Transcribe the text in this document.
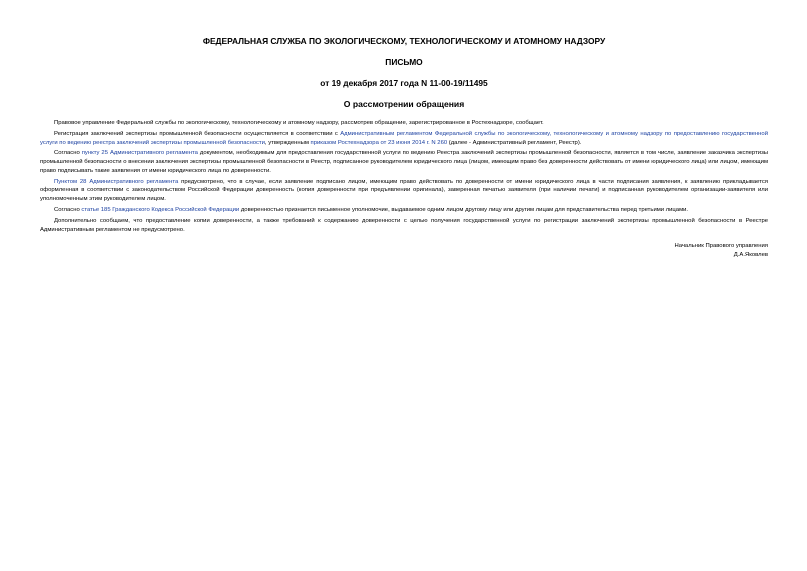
ФЕДЕРАЛЬНАЯ СЛУЖБА ПО ЭКОЛОГИЧЕСКОМУ, ТЕХНОЛОГИЧЕСКОМУ И АТОМНОМУ НАДЗОРУ

ПИСЬМО

от 19 декабря 2017 года N 11-00-19/11495

О рассмотрении обращения

Правовое управление Федеральной службы по экологическому, технологическому и атомному надзору, рассмотрев обращение, зарегистрированное в Ростехнадзоре, сообщает.

Регистрация заключений экспертизы промышленной безопасности осуществляется в соответствии с Административным регламентом Федеральной службы по экологическому, технологическому и атомному надзору по предоставлению государственной услуги по ведению реестра заключений экспертизы промышленной безопасности, утвержденным приказом Ростехнадзора от 23 июня 2014 г. N 260 (далее - Административный регламент, Реестр).

Согласно пункту 25 Административного регламента документом, необходимым для предоставления государственной услуги по ведению Реестра заключений экспертизы промышленной безопасности, является в том числе, заявление заказчика экспертизы промышленной безопасности о внесении заключения экспертизы промышленной безопасности в Реестр, подписанное руководителем юридического лица (лицом, имеющим право без доверенности действовать от имени юридического лица) или лицом, имеющим право подписывать такие заявления от имени юридического лица по доверенности.

Пунктом 28 Административного регламента предусмотрено, что в случае, если заявление подписано лицом, имеющим право действовать по доверенности от имени юридического лица в части подписания заявления, к заявлению прикладывается оформленная в соответствии с законодательством Российской Федерации доверенность (копия доверенности при предъявлении оригинала), заверенная печатью заявителя (при наличии печати) и подписанная руководителем организации-заявителя или уполномоченным этим руководителем лицом.

Согласно статье 185 Гражданского Кодекса Российской Федерации доверенностью признается письменное уполномочие, выдаваемое одним лицом другому лицу или другим лицам для представительства перед третьими лицами.

Дополнительно сообщаем, что предоставление копии доверенности, а также требований к содержанию доверенности с целью получения государственной услуги по регистрации заключений экспертизы промышленной безопасности в Реестре Административным регламентом не предусмотрено.

Начальник Правового управления
Д.А.Яковлев
